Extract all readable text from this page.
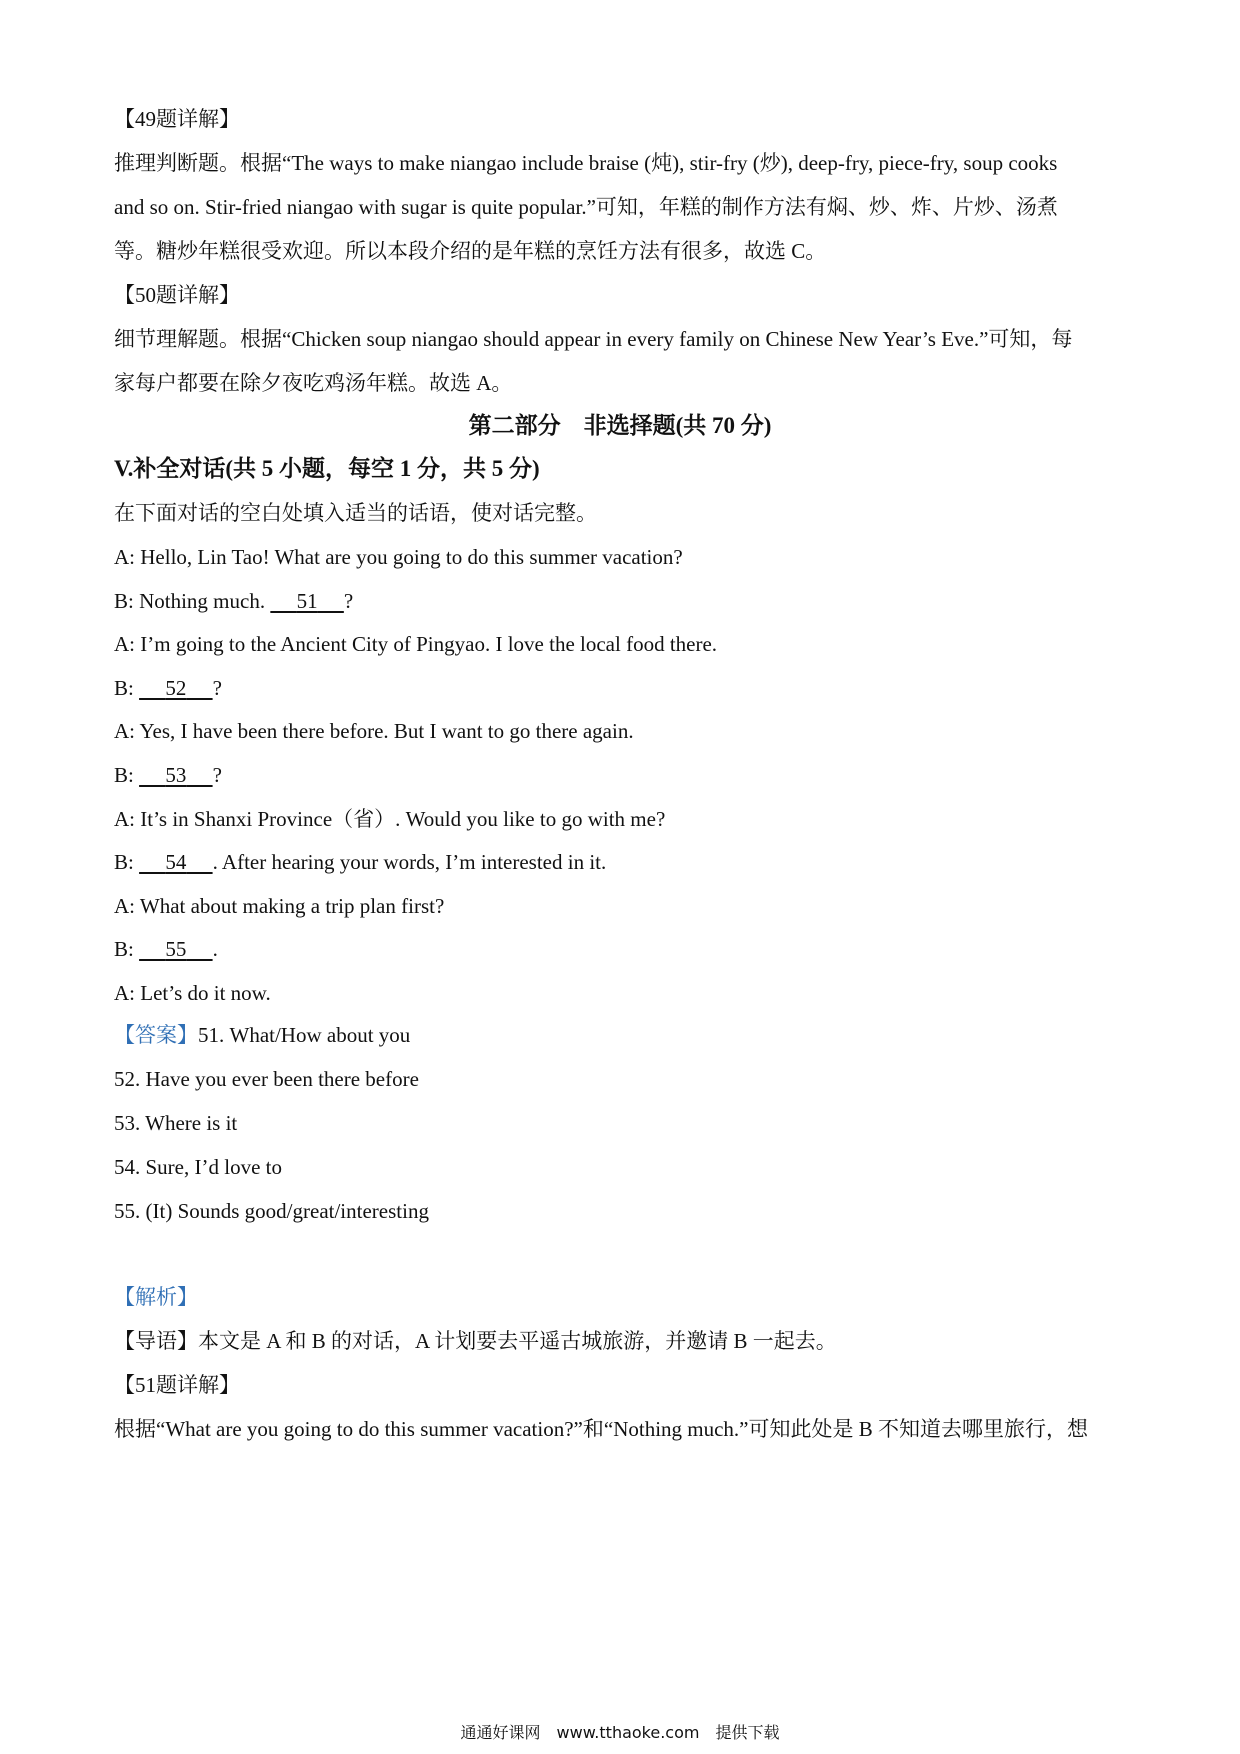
【49题详解】
推理判断题。根据“The ways to make niangao include braise (炖), stir-fry (炒), deep-fry, piece-fry, soup cooks
and so on. Stir-fried niangao with sugar is quite popular.”可知，年糕的制作方法有焖、炒、炸、片炒、汤煮
等。糖炒年糕很受欢迎。所以本段介绍的是年糕的烹饪方法有很多，故选 C。
【50题详解】
细节理解题。根据“Chicken soup niangao should appear in every family on Chinese New Year’s Eve.”可知，每
家每户都要在除夕夜吃鸡汤年糕。故选 A。
第二部分　非选择题(共 70 分)
V.补全对话(共 5 小题，每空 1 分，共 5 分)
在下面对话的空白处填入适当的话语，使对话完整。
A: Hello, Lin Tao! What are you going to do this summer vacation?
B: Nothing much.      51 ?
A: I’m going to the Ancient City of Pingyao. I love the local food there.
B:      52 ?
A: Yes, I have been there before. But I want to go there again.
B:      53 ?
A: It’s in Shanxi Province（省）. Would you like to go with me?
B:      54 . After hearing your words, I’m interested in it.
A: What about making a trip plan first?
B:      55 .
A: Let’s do it now.
【答案】51. What/How about you
52. Have you ever been there before
53. Where is it
54. Sure, I’d love to
55. (It) Sounds good/great/interesting
【解析】
【导语】本文是 A 和 B 的对话，A 计划要去平遥古城旅游，并邀请 B 一起去。
【51题详解】
根据“What are you going to do this summer vacation?”和“Nothing much.”可知此处是 B 不知道去哪里旅行，想
通通好课网　www.tthaoke.com　提供下载
